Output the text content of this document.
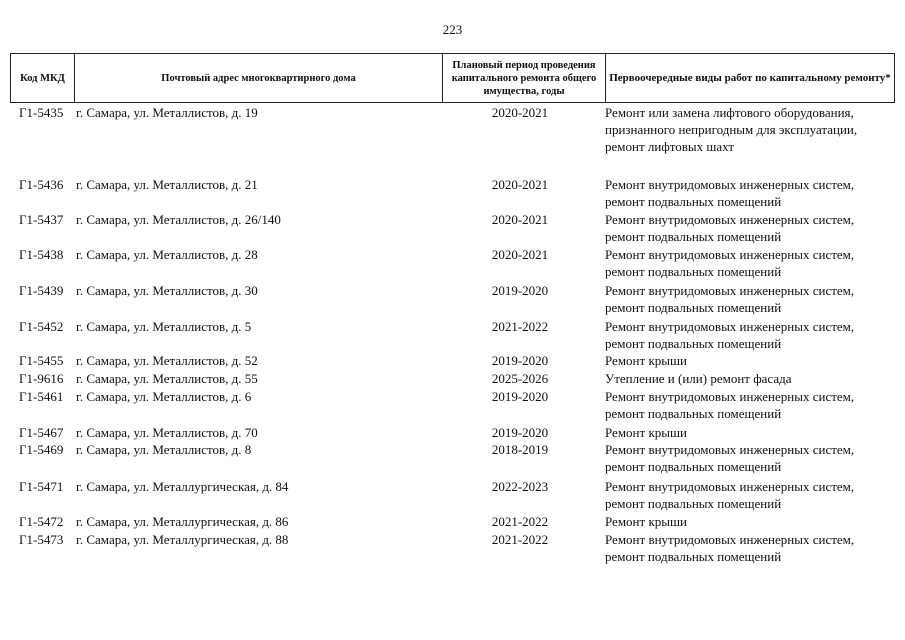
223
Код МКД	Почтовый адрес многоквартирного дома	Плановый период проведения капитального ремонта общего имущества, годы	Первоочередные виды работ по капитальному ремонту*
Г1-5435 г. Самара, ул. Металлистов, д. 19	2020-2021	Ремонт или замена лифтового оборудования,
признанного непригодным для эксплуатации,
ремонт лифтовых шахт
Г1-5436 г. Самара, ул. Металлистов, д. 21	2020-2021	Ремонт внутридомовых инженерных систем,
ремонт подвальных помещений
Г1-5437 г. Самара, ул. Металлистов, д. 26/140	2020-2021	Ремонт внутридомовых инженерных систем,
ремонт подвальных помещений
Г1-5438 г. Самара, ул. Металлистов, д. 28	2020-2021	Ремонт внутридомовых инженерных систем,
ремонт подвальных помещений
Г1-5439 г. Самара, ул. Металлистов, д. 30	2019-2020	Ремонт внутридомовых инженерных систем,
ремонт подвальных помещений
Г1-5452 г. Самара, ул. Металлистов, д. 5	2021-2022	Ремонт внутридомовых инженерных систем,
ремонт подвальных помещений
Г1-5455 г. Самара, ул. Металлистов, д. 52	2019-2020	Ремонт крыши
Г1-9616 г. Самара, ул. Металлистов, д. 55	2025-2026	Утепление и (или) ремонт фасада
Г1-5461 г. Самара, ул. Металлистов, д. 6	2019-2020	Ремонт внутридомовых инженерных систем,
ремонт подвальных помещений
Г1-5467 г. Самара, ул. Металлистов, д. 70	2019-2020	Ремонт крыши
Г1-5469 г. Самара, ул. Металлистов, д. 8	2018-2019	Ремонт внутридомовых инженерных систем,
ремонт подвальных помещений
Г1-5471 г. Самара, ул. Металлургическая, д. 84	2022-2023	Ремонт внутридомовых инженерных систем,
ремонт подвальных помещений
Г1-5472 г. Самара, ул. Металлургическая, д. 86	2021-2022	Ремонт крыши
Г1-5473 г. Самара, ул. Металлургическая, д. 88	2021-2022	Ремонт внутридомовых инженерных систем,
ремонт подвальных помещений
